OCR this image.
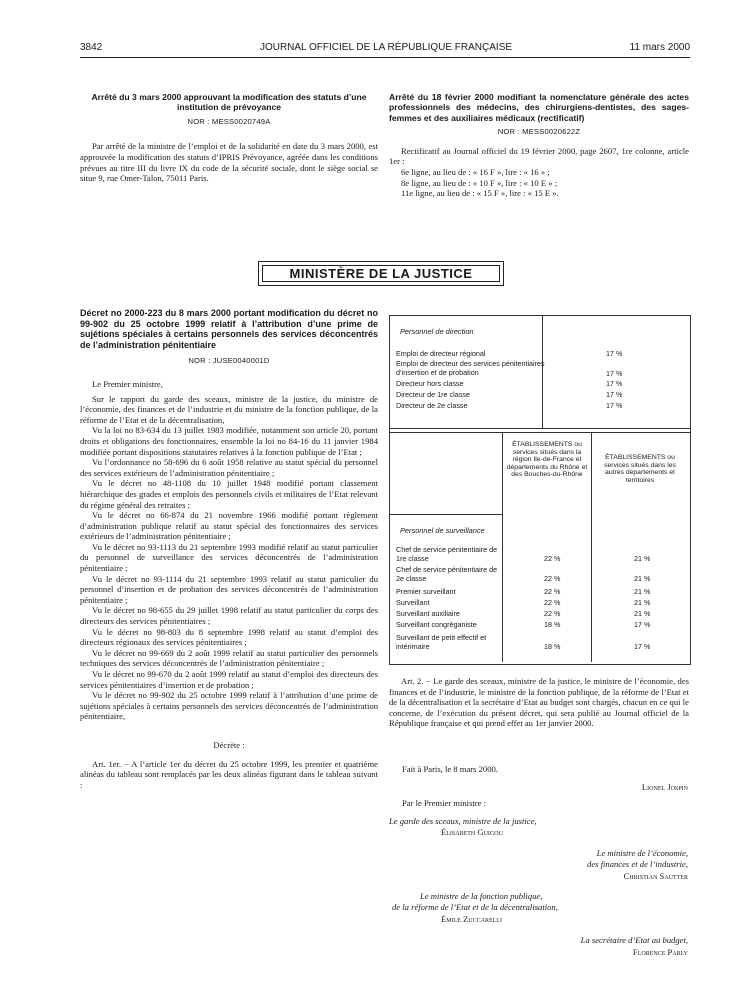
3842	JOURNAL OFFICIEL DE LA RÉPUBLIQUE FRANÇAISE	11 mars 2000

Arrêté du 3 mars 2000 approuvant la modification des statuts d’une institution de prévoyance

NOR : MESS0020749A

Par arrêté de la ministre de l’emploi et de la solidarité en date du 3 mars 2000, est approuvée la modification des statuts d’IPRIS Prévoyance, agréée dans les conditions prévues au titre III du livre IX du code de la sécurité sociale, dont le siège social se situe 9, rue Omer-Talon, 75011 Paris.

Arrêté du 18 février 2000 modifiant la nomenclature générale des actes professionnels des médecins, des chirurgiens-dentistes, des sages-femmes et des auxiliaires médicaux (rectificatif)

NOR : MESS0020622Z

Rectificatif au Journal officiel du 19 février 2000, page 2607, 1re colonne, article 1er :

6e ligne, au lieu de : « 16 F », lire : « 16 » ;

8e ligne, au lieu de : « 10 F », lire : « 10 E » ;

11e ligne, au lieu de : « 15 F », lire : « 15 E ».

MINISTÈRE DE LA JUSTICE

Décret no 2000-223 du 8 mars 2000 portant modification du décret no 99-902 du 25 octobre 1999 relatif à l’attribution d’une prime de sujétions spéciales à certains personnels des services déconcentrés de l’administration pénitentiaire

NOR : JUSE0040001D

Le Premier ministre,

Sur le rapport du garde des sceaux, ministre de la justice, du ministre de l’économie, des finances et de l’industrie et du ministre de la fonction publique, de la réforme de l’Etat et de la décentralisation,

Vu la loi no 83-634 du 13 juillet 1983 modifiée, notamment son article 20, portant droits et obligations des fonctionnaires, ensemble la loi no 84-16 du 11 janvier 1984 modifiée portant dispositions statutaires relatives à la fonction publique de l’Etat ;

Vu l’ordonnance no 58-696 du 6 août 1958 relative au statut spécial du personnel des services extérieurs de l’administration pénitentiaire ;

Vu le décret no 48-1108 du 10 juillet 1948 modifié portant classement hiérarchique des grades et emplois des personnels civils et militaires de l’Etat relevant du régime général des retraites ;

Vu le décret no 66-874 du 21 novembre 1966 modifié portant règlement d’administration publique relatif au statut spécial des fonctionnaires des services extérieurs de l’administration pénitentiaire ;

Vu le décret no 93-1113 du 21 septembre 1993 modifié relatif au statut particulier du personnel de surveillance des services déconcentrés de l’administration pénitentiaire ;

Vu le décret no 93-1114 du 21 septembre 1993 relatif au statut particulier du personnel d’insertion et de probation des services déconcentrés de l’administration pénitentiaire ;

Vu le décret no 98-655 du 29 juillet 1998 relatif au statut particulier du corps des directeurs des services pénitentiaires ;

Vu le décret no 98-803 du 8 septembre 1998 relatif au statut d’emploi des directeurs régionaux des services pénitentiaires ;

Vu le décret no 99-669 du 2 août 1999 relatif au statut particulier des personnels techniques des services déconcentrés de l’administration pénitentiaire ;

Vu le décret no 99-670 du 2 août 1999 relatif au statut d’emploi des directeurs des services pénitentiaires d’insertion et de probation ;

Vu le décret no 99-902 du 25 octobre 1999 relatif à l’attribution d’une prime de sujétions spéciales à certains personnels des services déconcentrés de l’administration pénitentiaire,

Décrète :

Art. 1er. − A l’article 1er du décret du 25 octobre 1999, les premier et quatrième alinéas du tableau sont remplacés par les deux alinéas figurant dans le tableau suivant :

Personnel de direction
Emploi de directeur régional	17 %
Emploi de directeur des services pénitentiaires d’insertion et de probation	17 %
Directeur hors classe	17 %
Directeur de 1re classe	17 %
Directeur de 2e classe	17 %
ÉTABLISSEMENTS ou services situés dans la région Ile-de-France et départements du Rhône et des Bouches-du-Rhône
ÉTABLISSEMENTS ou services situés dans les autres départements et territoires
Personnel de surveillance
Chef de service pénitentiaire de 1re classe	22 %	21 %
Chef de service pénitentiaire de 2e classe	22 %	21 %
Premier surveillant	22 %	21 %
Surveillant	22 %	21 %
Surveillant auxiliaire	22 %	21 %
Surveillant congréganiste	18 %	17 %
Surveillant de petit effectif et intérimaire	18 %	17 %

Art. 2. − Le garde des sceaux, ministre de la justice, le ministre de l’économie, des finances et de l’industrie, le ministre de la fonction publique, de la réforme de l’Etat et de la décentralisation et la secrétaire d’Etat au budget sont chargés, chacun en ce qui le concerne, de l’exécution du présent décret, qui sera publié au Journal officiel de la République française et qui prend effet au 1er janvier 2000.

Fait à Paris, le 8 mars 2000.
Lionel Jospin
Par le Premier ministre :
Le garde des sceaux, ministre de la justice,
Élisabeth Guigou
Le ministre de l’économie,
des finances et de l’industrie,
Christian Sautter
Le ministre de la fonction publique,
de la réforme de l’Etat et de la décentralisation,
Émile Zuccarelli
La secrétaire d’Etat au budget,
Florence Parly
